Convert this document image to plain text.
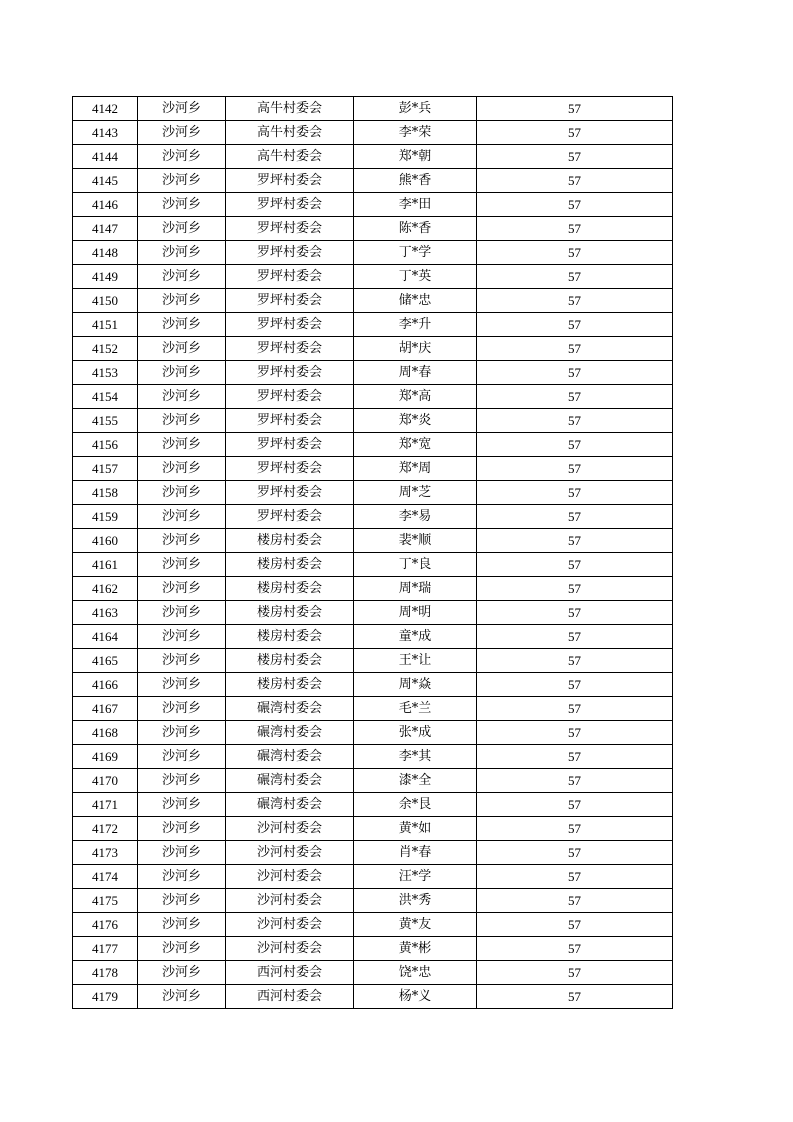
4142	沙河乡	高牛村委会	彭*兵	57
4143	沙河乡	高牛村委会	李*荣	57
4144	沙河乡	高牛村委会	郑*朝	57
4145	沙河乡	罗坪村委会	熊*香	57
4146	沙河乡	罗坪村委会	李*田	57
4147	沙河乡	罗坪村委会	陈*香	57
4148	沙河乡	罗坪村委会	丁*学	57
4149	沙河乡	罗坪村委会	丁*英	57
4150	沙河乡	罗坪村委会	储*忠	57
4151	沙河乡	罗坪村委会	李*升	57
4152	沙河乡	罗坪村委会	胡*庆	57
4153	沙河乡	罗坪村委会	周*春	57
4154	沙河乡	罗坪村委会	郑*高	57
4155	沙河乡	罗坪村委会	郑*炎	57
4156	沙河乡	罗坪村委会	郑*宽	57
4157	沙河乡	罗坪村委会	郑*周	57
4158	沙河乡	罗坪村委会	周*芝	57
4159	沙河乡	罗坪村委会	李*易	57
4160	沙河乡	楼房村委会	裴*顺	57
4161	沙河乡	楼房村委会	丁*良	57
4162	沙河乡	楼房村委会	周*瑞	57
4163	沙河乡	楼房村委会	周*明	57
4164	沙河乡	楼房村委会	童*成	57
4165	沙河乡	楼房村委会	王*让	57
4166	沙河乡	楼房村委会	周*焱	57
4167	沙河乡	碾湾村委会	毛*兰	57
4168	沙河乡	碾湾村委会	张*成	57
4169	沙河乡	碾湾村委会	李*其	57
4170	沙河乡	碾湾村委会	漆*全	57
4171	沙河乡	碾湾村委会	余*艮	57
4172	沙河乡	沙河村委会	黄*如	57
4173	沙河乡	沙河村委会	肖*春	57
4174	沙河乡	沙河村委会	汪*学	57
4175	沙河乡	沙河村委会	洪*秀	57
4176	沙河乡	沙河村委会	黄*友	57
4177	沙河乡	沙河村委会	黄*彬	57
4178	沙河乡	西河村委会	饶*忠	57
4179	沙河乡	西河村委会	杨*义	57
